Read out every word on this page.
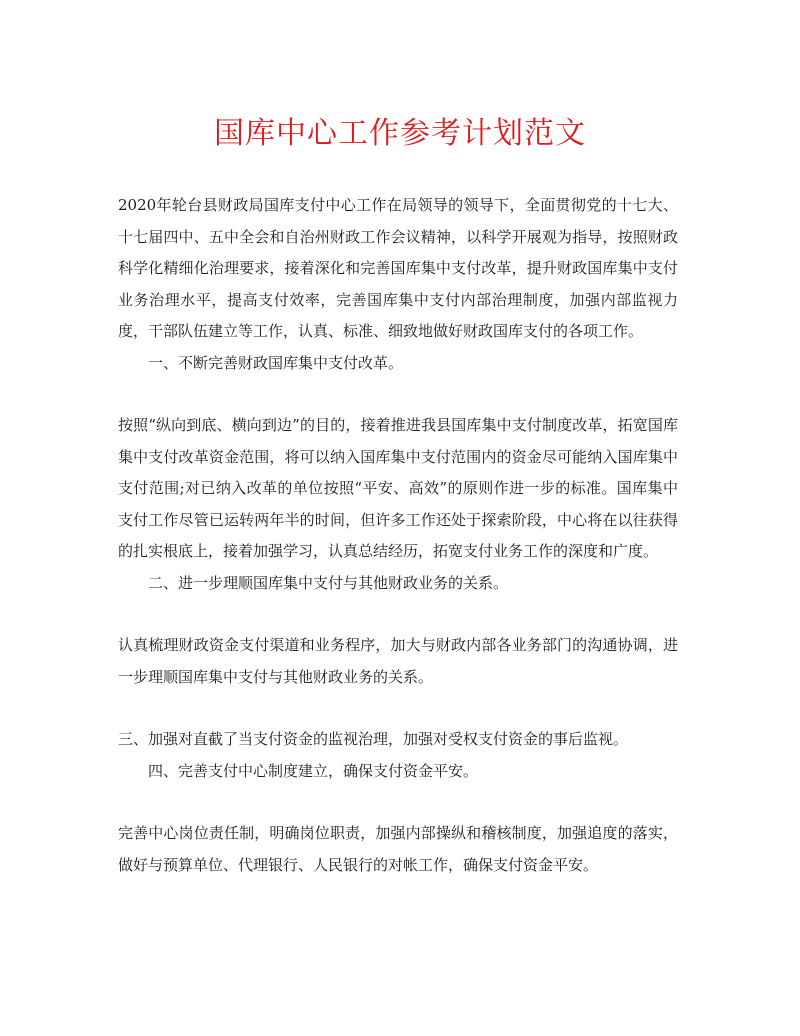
国库中心工作参考计划范文

2020年轮台县财政局国库支付中心工作在局领导的领导下，全面贯彻党的十七大、十七届四中、五中全会和自治州财政工作会议精神，以科学开展观为指导，按照财政科学化精细化治理要求，接着深化和完善国库集中支付改革，提升财政国库集中支付业务治理水平，提高支付效率，完善国库集中支付内部治理制度，加强内部监视力度，干部队伍建立等工作，认真、标准、细致地做好财政国库支付的各项工作。

一、不断完善财政国库集中支付改革。

按照“纵向到底、横向到边”的目的，接着推进我县国库集中支付制度改革，拓宽国库集中支付改革资金范围，将可以纳入国库集中支付范围内的资金尽可能纳入国库集中支付范围;对已纳入改革的单位按照“平安、高效”的原则作进一步的标准。国库集中支付工作尽管已运转两年半的时间，但许多工作还处于探索阶段，中心将在以往获得的扎实根底上，接着加强学习，认真总结经历，拓宽支付业务工作的深度和广度。

二、进一步理顺国库集中支付与其他财政业务的关系。

认真梳理财政资金支付渠道和业务程序，加大与财政内部各业务部门的沟通协调，进一步理顺国库集中支付与其他财政业务的关系。

三、加强对直截了当支付资金的监视治理，加强对受权支付资金的事后监视。

四、完善支付中心制度建立，确保支付资金平安。

完善中心岗位责任制，明确岗位职责，加强内部操纵和稽核制度，加强追度的落实，做好与预算单位、代理银行、人民银行的对帐工作，确保支付资金平安。
